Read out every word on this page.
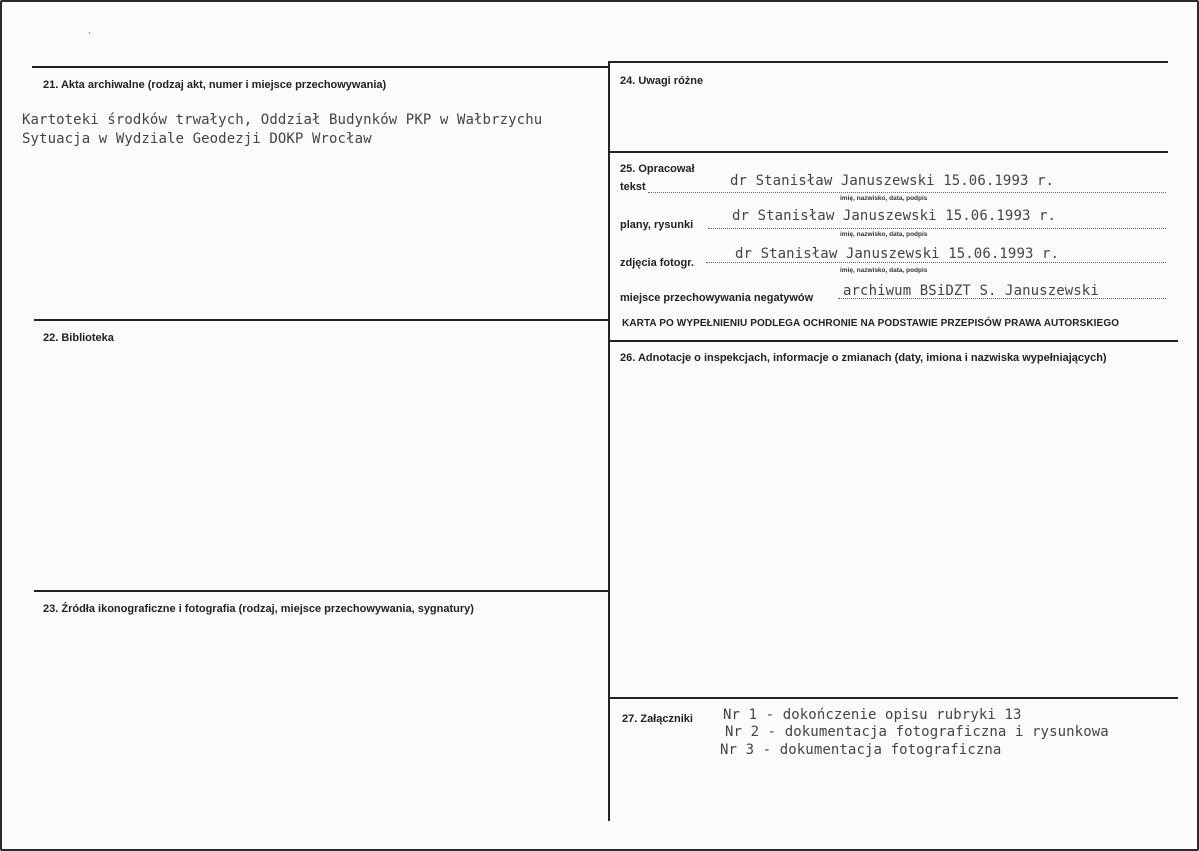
ˋ
21. Akta archiwalne (rodzaj akt, numer i miejsce przechowywania)
Kartoteki środków trwałych, Oddział Budynków PKP w Wałbrzychu
Sytuacja w Wydziale Geodezji DOKP Wrocław
22. Biblioteka
23. Źródła ikonograficzne i fotografia (rodzaj, miejsce przechowywania, sygnatury)
24. Uwagi różne
25. Opracował
tekst	dr Stanisław Januszewski 15.06.1993 r.
imię, nazwisko, data, podpis
plany, rysunki
dr Stanisław Januszewski 15.06.1993 r.
imię, nazwisko, data, podpis
zdjęcia fotogr.
dr Stanisław Januszewski 15.06.1993 r.
imię, nazwisko, data, podpis
miejsce przechowywania negatywów archiwum BSiDZT S. Januszewski
KARTA PO WYPEŁNIENIU PODLEGA OCHRONIE NA PODSTAWIE PRZEPISÓW PRAWA AUTORSKIEGO
26. Adnotacje o inspekcjach, informacje o zmianach (daty, imiona i nazwiska wypełniających)
27. Załączniki Nr 1 - dokończenie opisu rubryki 13
Nr 2 - dokumentacja fotograficzna i rysunkowa
Nr 3 - dokumentacja fotograficzna
